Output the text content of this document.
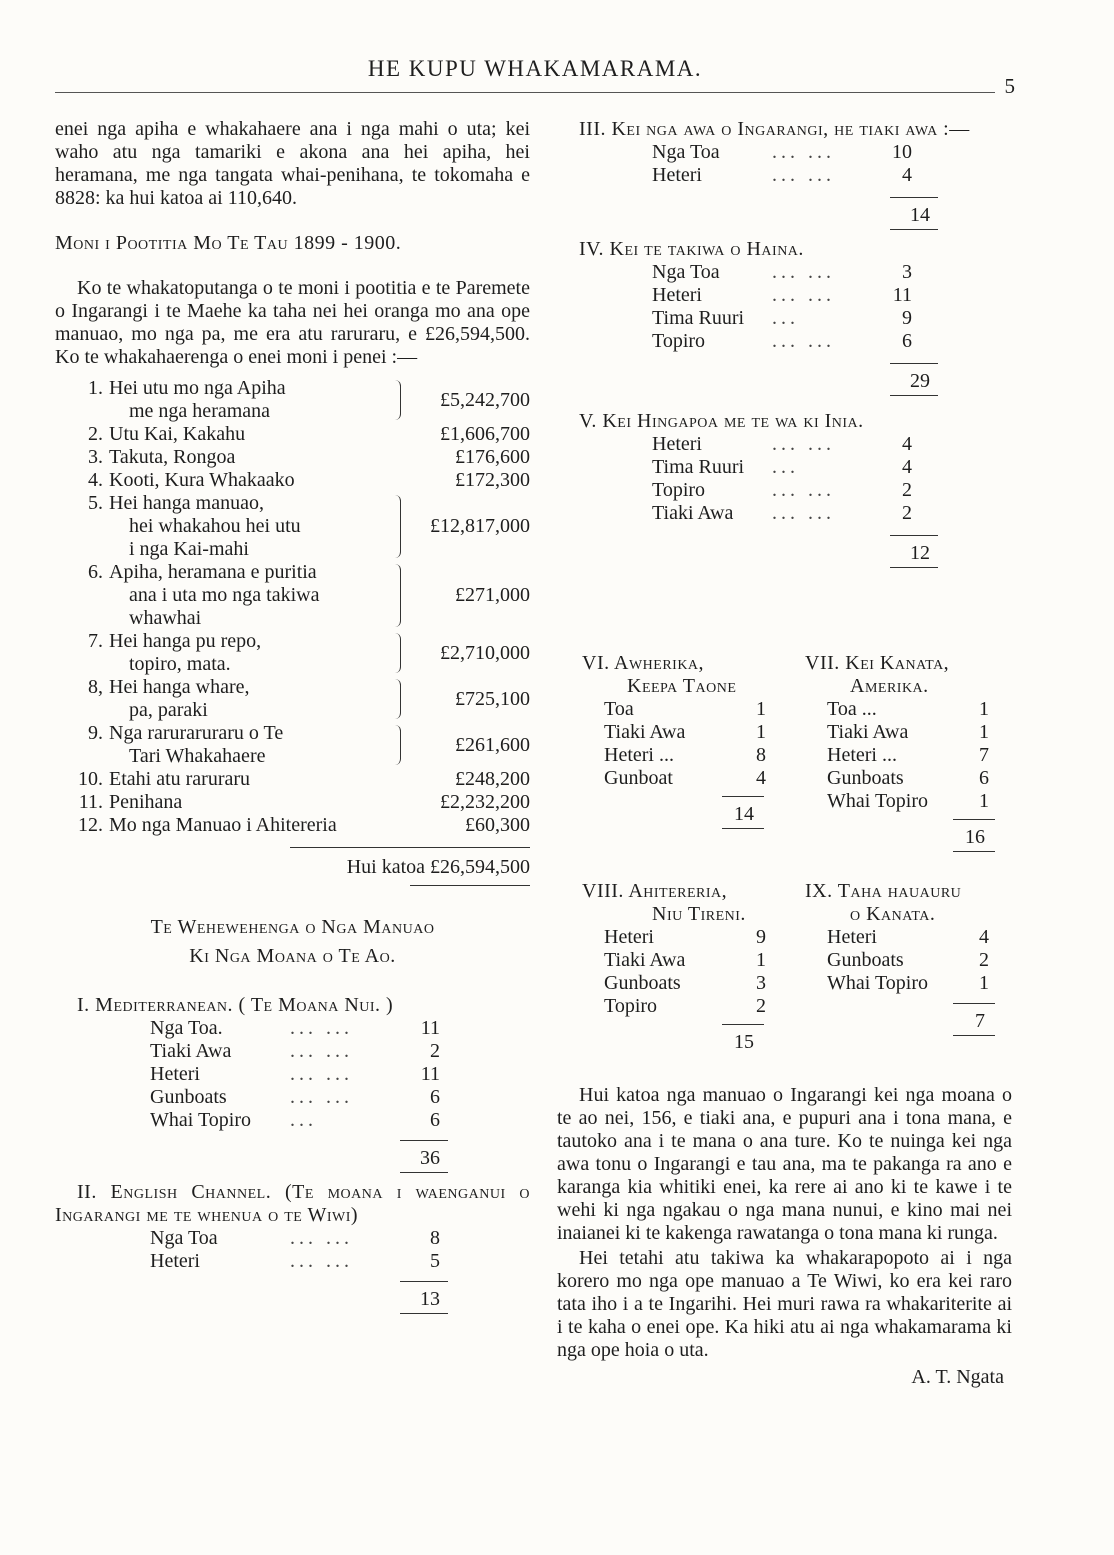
HE KUPU WHAKAMARAMA.
5

enei nga apiha e whakahaere ana i nga mahi o uta; kei waho atu nga tamariki e akona ana hei apiha, hei heramana, me nga tangata whai-penihana, te tokomaha e 8828: ka hui katoa ai 110,640.

Moni i Pootitia Mo Te Tau 1899 - 1900.

Ko te whakatoputanga o te moni i pootitia e te Paremete o Ingarangi i te Maehe ka taha nei hei oranga mo ana ope manuao, mo nga pa, me era atu raruraru, e £26,594,500. Ko te whakahaerenga o enei moni i penei :—

1. Hei utu mo nga Apiha
me nga heramana
£5,242,700
2. Utu Kai, Kakahu	£1,606,700
3. Takuta, Rongoa	£176,600
4. Kooti, Kura Whakaako	£172,300
5. Hei hanga manuao,
hei whakahou hei utu
i nga Kai-mahi
£12,817,000
6. Apiha, heramana e puritia
ana i uta mo nga takiwa
whawhai
£271,000
7. Hei hanga pu repo,
topiro, mata.
£2,710,000
8, Hei hanga whare,
pa, paraki
£725,100
9. Nga raruraruraru o Te
Tari Whakahaere
£261,600
10. Etahi atu raruraru	£248,200
11. Penihana	£2,232,200
12. Mo nga Manuao i Ahitereria	£60,300
Hui katoa £26,594,500

Te Wehewehenga o Nga Manuao

Ki Nga Moana o Te Ao.

I. Mediterranean. ( Te Moana Nui. )

Nga Toa.	... ...	11
Tiaki Awa	... ...	2
Heteri	... ...	11
Gunboats	... ...	6
Whai Topiro	...	6
36

II. English Channel. (Te moana i waenganui o Ingarangi me te whenua o te Wiwi)

Nga Toa	... ...	8
Heteri	... ...	5
13

III. Kei nga awa o Ingarangi, he tiaki awa :—

Nga Toa	... ...	10
Heteri	... ...	4
14

IV. Kei te takiwa o Haina.

Nga Toa	... ...	3
Heteri	... ...	11
Tima Ruuri	...	9
Topiro	... ...	6
29

V. Kei Hingapoa me te wa ki Inia.

Heteri	... ...	4
Tima Ruuri	...	4
Topiro	... ...	2
Tiaki Awa	... ...	2
12
VI. Awherika,
Keepa Taone
Toa	1
Tiaki Awa	1
Heteri ...	8
Gunboat	4
14
VII. Kei Kanata,
Amerika.
Toa ...	1
Tiaki Awa	1
Heteri ...	7
Gunboats	6
Whai Topiro	1
16
VIII. Ahitereria,
Niu Tireni.
Heteri	9
Tiaki Awa	1
Gunboats	3
Topiro	2
15
IX. Taha hauauru
o Kanata.
Heteri	4
Gunboats	2
Whai Topiro	1
7

Hui katoa nga manuao o Ingarangi kei nga moana o te ao nei, 156, e tiaki ana, e pupuri ana i tona mana, e tautoko ana i te mana o ana ture. Ko te nuinga kei nga awa tonu o Ingarangi e tau ana, ma te pakanga ra ano e karanga kia whitiki enei, ka rere ai ano ki te kawe i te wehi ki nga ngakau o nga mana nunui, e kino mai nei inaianei ki te kakenga rawatanga o tona mana ki runga.

Hei tetahi atu takiwa ka whakarapopoto ai i nga korero mo nga ope manuao a Te Wiwi, ko era kei raro tata iho i a te Ingarihi. Hei muri rawa ra whakariterite ai i te kaha o enei ope. Ka hiki atu ai nga whakamarama ki nga ope hoia o uta.

A. T. Ngata
